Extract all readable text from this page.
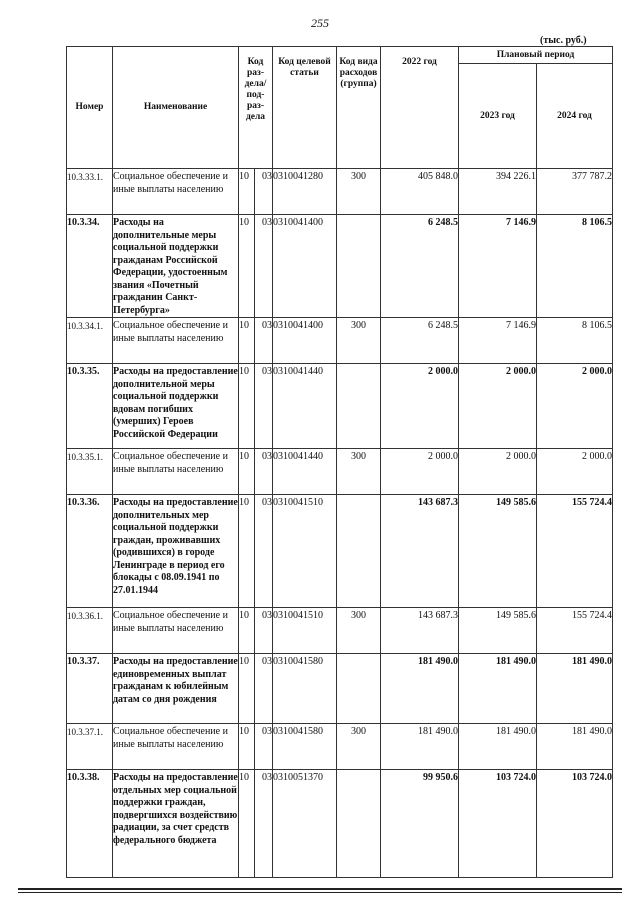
255
(тыс. руб.)
Номер	Наименование	Код раз-дела/ под-раз-дела		Код целевой статьи	Код вида расходов (группа)	2022 год	Плановый период	
							2023 год	2024 год
10.3.33.1.	Социальное обеспечение и иные выплаты населению	10	03	0310041280	300	405 848.0	394 226.1	377 787.2
10.3.34.	Расходы на дополнительные меры социальной поддержки гражданам Российской Федерации, удостоенным звания «Почетный гражданин Санкт-Петербурга»	10	03	0310041400		6 248.5	7 146.9	8 106.5
10.3.34.1.	Социальное обеспечение и иные выплаты населению	10	03	0310041400	300	6 248.5	7 146.9	8 106.5
10.3.35.	Расходы на предоставление дополнительной меры социальной поддержки вдовам погибших (умерших) Героев Российской Федерации	10	03	0310041440		2 000.0	2 000.0	2 000.0
10.3.35.1.	Социальное обеспечение и иные выплаты населению	10	03	0310041440	300	2 000.0	2 000.0	2 000.0
10.3.36.	Расходы на предоставление дополнительных мер социальной поддержки граждан, проживавших (родившихся) в городе Ленинграде в период его блокады с 08.09.1941 по 27.01.1944	10	03	0310041510		143 687.3	149 585.6	155 724.4
10.3.36.1.	Социальное обеспечение и иные выплаты населению	10	03	0310041510	300	143 687.3	149 585.6	155 724.4
10.3.37.	Расходы на предоставление единовременных выплат гражданам к юбилейным датам со дня рождения	10	03	0310041580		181 490.0	181 490.0	181 490.0
10.3.37.1.	Социальное обеспечение и иные выплаты населению	10	03	0310041580	300	181 490.0	181 490.0	181 490.0
10.3.38.	Расходы на предоставление отдельных мер социальной поддержки граждан, подвергшихся воздействию радиации, за счет средств федерального бюджета	10	03	0310051370		99 950.6	103 724.0	103 724.0
